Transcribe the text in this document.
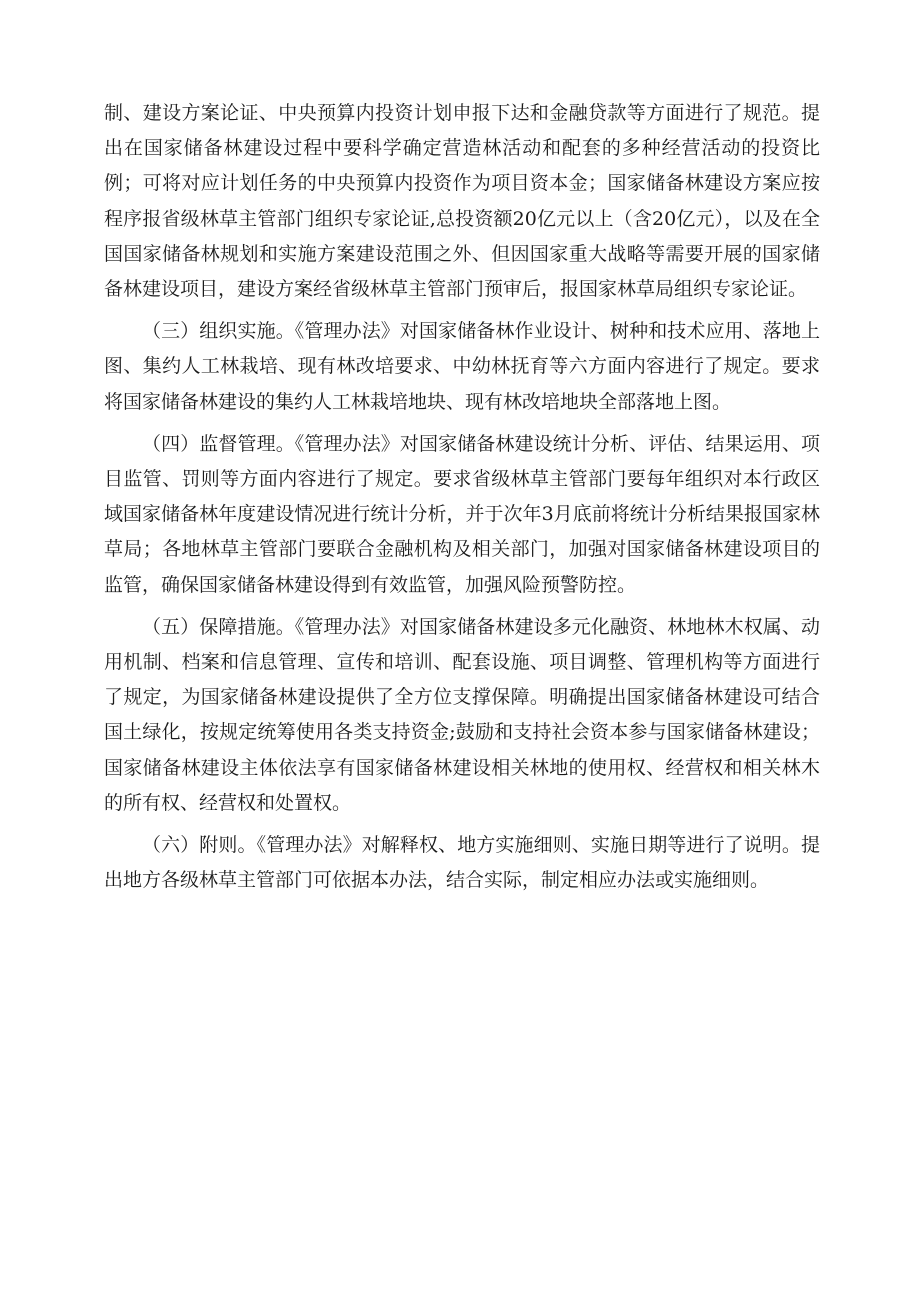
制、建设方案论证、中央预算内投资计划申报下达和金融贷款等方面进行了规范。提出在国家储备林建设过程中要科学确定营造林活动和配套的多种经营活动的投资比例；可将对应计划任务的中央预算内投资作为项目资本金；国家储备林建设方案应按程序报省级林草主管部门组织专家论证,总投资额20亿元以上（含20亿元），以及在全国国家储备林规划和实施方案建设范围之外、但因国家重大战略等需要开展的国家储备林建设项目，建设方案经省级林草主管部门预审后，报国家林草局组织专家论证。

（三）组织实施。《管理办法》对国家储备林作业设计、树种和技术应用、落地上图、集约人工林栽培、现有林改培要求、中幼林抚育等六方面内容进行了规定。要求将国家储备林建设的集约人工林栽培地块、现有林改培地块全部落地上图。

（四）监督管理。《管理办法》对国家储备林建设统计分析、评估、结果运用、项目监管、罚则等方面内容进行了规定。要求省级林草主管部门要每年组织对本行政区域国家储备林年度建设情况进行统计分析，并于次年3月底前将统计分析结果报国家林草局；各地林草主管部门要联合金融机构及相关部门，加强对国家储备林建设项目的监管，确保国家储备林建设得到有效监管，加强风险预警防控。

（五）保障措施。《管理办法》对国家储备林建设多元化融资、林地林木权属、动用机制、档案和信息管理、宣传和培训、配套设施、项目调整、管理机构等方面进行了规定，为国家储备林建设提供了全方位支撑保障。明确提出国家储备林建设可结合国土绿化，按规定统筹使用各类支持资金;鼓励和支持社会资本参与国家储备林建设；国家储备林建设主体依法享有国家储备林建设相关林地的使用权、经营权和相关林木的所有权、经营权和处置权。

（六）附则。《管理办法》对解释权、地方实施细则、实施日期等进行了说明。提出地方各级林草主管部门可依据本办法，结合实际，制定相应办法或实施细则。
